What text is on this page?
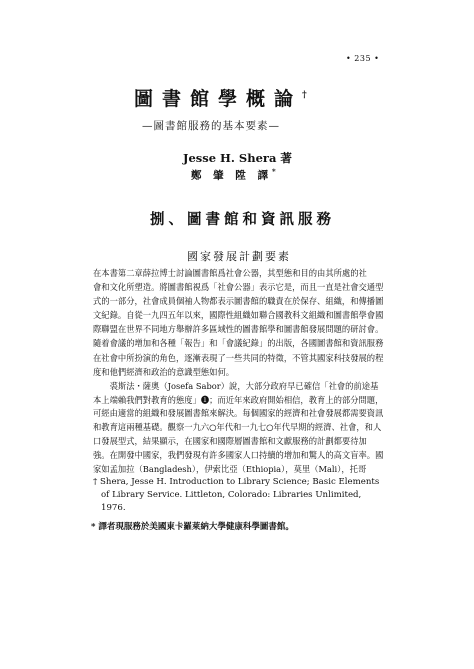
• 235 •
圖書館學概論†
—圖書館服務的基本要素—
Jesse H. Shera 著
鄭 肇 陞 譯*
捌、圖書館和資訊服務
國家發展計劃要素
在本書第二章薛拉博士討論圖書館爲社會公器，其型態和目的由其所處的社
會和文化所塑造。將圖書館視爲「社會公器」表示它是，而且一直是社會交通型
式的一部分，社會成員個袖人物都表示圖書館的職責在於保存、組織，和傳播圖
文紀錄。自從一九四五年以來，國際性組織如聯合國教科文組織和圖書館學會國
際聯盟在世界不同地方舉辦許多區域性的圖書館學和圖書館發展問題的研討會。
隨着會議的增加和各種「報告」和「會議紀錄」的出版，各國圖書館和資訊服務
在社會中所扮演的角色，逐漸表現了一些共同的特徵，不管其國家科技發展的程
度和他們經濟和政治的意識型態如何。
　　裘斯法・薩奧（Josefa Sabor）說，大部分政府早已確信「社會的前途基
本上端賴我們對教育的態度」❶；而近年來政府開始相信，教育上的部分問題，
可經由適當的組織和發展圖書館來解決。每個國家的經濟和社會發展都需要資訊
和教育這兩種基礎。觀察一九六○年代和一九七○年代早期的經濟、社會，和人
口發展型式，結果顯示，在國家和國際層圖書館和文獻服務的計劃都要待加
強。在開發中國家，我們發現有許多國家人口持續的增加和驚人的高文盲率。國
家如孟加拉（Bangladesh），伊索比亞（Ethiopia），莫里（Mali），托哥
† Shera, Jesse H. Introduction to Library Science; Basic Elements
of Library Service. Littleton, Colorado: Libraries Unlimited,
1976.
* 譯者現服務於美國東卡羅萊納大學健康科學圖書館。
